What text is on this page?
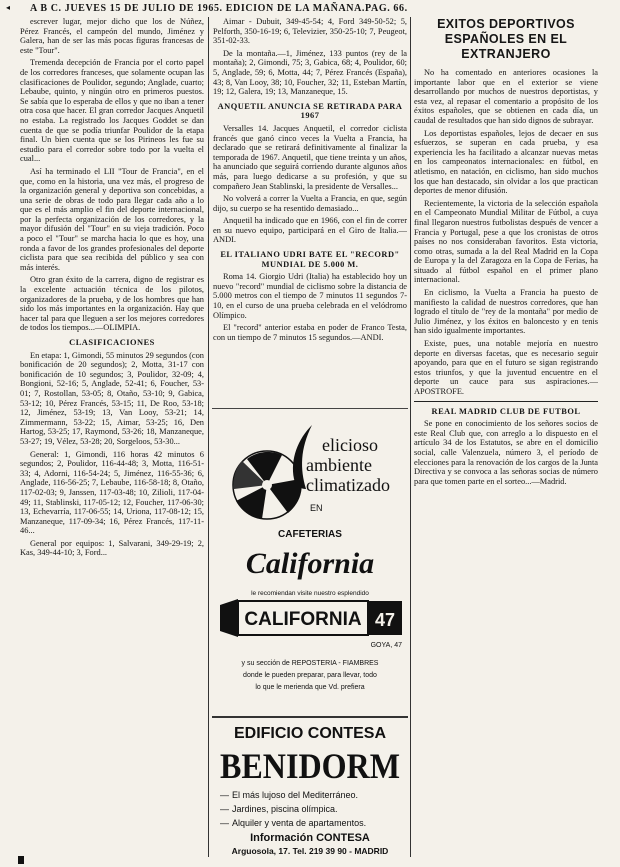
◂ A B C. JUEVES 15 DE JULIO DE 1965. EDICION DE LA MAÑANA.PAG. 66.

escrever lugar, mejor dicho que los de Núñez, Pérez Francés, el campeón del mundo, Jiménez y Galera, han de ser las más pocas figuras francesas de este "Tour".

Tremenda decepción de Francia por el corto papel de los corredores franceses, que solamente ocupan las clasificaciones de Poulidor, segundo; Anglade, cuarto; Lebaube, quinto, y ningún otro en primeros puestos. Se sabía que lo esperaba de ellos y que no iban a tener otra cosa que hacer. El gran corredor Jacques Anquetil no estaba. La registrado los Jacques Goddet se dan cuenta de que se podía triunfar Poulidor de la etapa final. Un bien cuenta que se los Pirineos les fue su estudio para el corredor sobre todo por la vuelta el cual...

Así ha terminado el LII "Tour de Francia", en el que, como en la historia, una vez más, el progreso de la organización general y deportiva son concebidas, a una serie de obras de todo para llegar cada año a lo que es el más amplio el fin del deporte internacional, por la perfecta organización de los corredores, y la mayor difusión del "Tour" en su vieja tradición. Poco a poco el "Tour" se marcha hacia lo que es hoy, una ronda a favor de los grandes profesionales del deporte ciclista para que sea recibida del público y sea con más interés.

Otro gran éxito de la carrera, digno de registrar es la excelente actuación técnica de los pilotos, organizadores de la prueba, y de los hombres que han sido los más importantes en la organización. Hay que hacer tal para que lleguen a ser los mejores corredores de todos los tiempos...—OLIMPIA.

CLASIFICACIONES

En etapa: 1, Gimondi, 55 minutos 29 segundos (con bonificación de 20 segundos); 2, Motta, 31-17 con bonificación de 10 segundos; 3, Poulidor, 32-09; 4, Bongioni, 52-16; 5, Anglade, 52-41; 6, Foucher, 53-01; 7, Rostollan, 53-05; 8, Otaño, 53-10; 9, Gabica, 53-12; 10, Pérez Francés, 53-15; 11, De Roo, 53-18; 12, Jiménez, 53-19; 13, Van Looy, 53-21; 14, Zimmermann, 53-22; 15, Aimar, 53-25; 16, Den Hartog, 53-25; 17, Raymond, 53-26; 18, Manzaneque, 53-27; 19, Vélez, 53-28; 20, Sorgeloos, 53-30...

General: 1, Gimondi, 116 horas 42 minutos 6 segundos; 2, Poulidor, 116-44-48; 3, Motta, 116-51-33; 4, Adorni, 116-54-24; 5, Jiménez, 116-55-36; 6, Anglade, 116-56-25; 7, Lebaube, 116-58-18; 8, Otaño, 117-02-03; 9, Janssen, 117-03-48; 10, Zilioli, 117-04-49; 11, Stablinski, 117-05-12; 12, Foucher, 117-06-30; 13, Echevarría, 117-06-55; 14, Uriona, 117-08-12; 15, Manzaneque, 117-09-34; 16, Pérez Francés, 117-11-46...

General por equipos: 1, Salvarani, 349-29-19; 2, Kas, 349-44-10; 3, Ford...

Aimar - Dubuit, 349-45-54; 4, Ford 349-50-52; 5, Pelforth, 350-16-19; 6, Televizier, 350-25-10; 7, Peugeot, 351-02-33.

De la montaña.—1, Jiménez, 133 puntos (rey de la montaña); 2, Gimondi, 75; 3, Gabica, 68; 4, Poulidor, 60; 5, Anglade, 59; 6, Motta, 44; 7, Pérez Francés (España), 43; 8, Van Looy, 38; 10, Foucher, 32; 11, Esteban Martín, 19; 12, Galera, 19; 13, Manzaneque, 15.

ANQUETIL ANUNCIA SE RETIRADA PARA 1967

Versalles 14. Jacques Anquetil, el corredor ciclista francés que ganó cinco veces la Vuelta a Francia, ha declarado que se retirará definitivamente al finalizar la temporada de 1967. Anquetil, que tiene treinta y un años, ha anunciado que seguirá corriendo durante algunos años más, para luego dedicarse a su profesión, y que su compañero Jean Stablinski, la presidente de Versalles...

No volverá a correr la Vuelta a Francia, en que, según dijo, su cuerpo se ha resentido demasiado...

Anquetil ha indicado que en 1966, con el fin de correr en su nuevo equipo, participará en el Giro de Italia.—ANDI.

EL ITALIANO UDRI BATE EL "RECORD" MUNDIAL DE 5.000 M.

Roma 14. Giorgio Udri (Italia) ha establecido hoy un nuevo "record" mundial de ciclismo sobre la distancia de 5.000 metros con el tiempo de 7 minutos 11 segundos 7-10, en el curso de una prueba celebrada en el velódromo Olímpico.

El "record" anterior estaba en poder de Franco Testa, con un tiempo de 7 minutos 15 segundos.—ANDI.

elicioso
ambiente
climatizado
EN
CAFETERIAS
California
le recomiendan visite nuestro esplendido
CALIFORNIA 47
GOYA, 47
y su sección de REPOSTERIA - FIAMBRES
donde le pueden preparar, para llevar, todo
lo que le merienda que Vd. prefiera
EDIFICIO CONTESA
BENIDORM
— El más lujoso del Mediterráneo.
— Jardines, piscina olímpica.
— Alquiler y venta de apartamentos.
Información CONTESA
Arguosola, 17. Tel. 219 39 90 - MADRID
EXITOS DEPORTIVOS ESPAÑOLES EN EL EXTRANJERO

No ha comentado en anteriores ocasiones la importante labor que en el exterior se viene desarrollando por muchos de nuestros deportistas, y esta vez, al repasar el comentario a propósito de los éxitos españoles, que se obtienen en cada día, un caudal de resultados que han sido dignos de subrayar.

Los deportistas españoles, lejos de decaer en sus esfuerzos, se superan en cada prueba, y esa experiencia les ha facilitado a alcanzar nuevas metas en los campeonatos internacionales: en fútbol, en atletismo, en natación, en ciclismo, han sido muchos los que han destacado, sin olvidar a los que practican deportes de menor difusión.

Recientemente, la victoria de la selección española en el Campeonato Mundial Militar de Fútbol, a cuya final llegaron nuestros futbolistas después de vencer a Francia y Portugal, pese a que los cronistas de otros países no nos consideraban favoritos. Esta victoria, como otras, sumada a la del Real Madrid en la Copa de Europa y la del Zaragoza en la Copa de Ferias, ha situado al fútbol español en el primer plano internacional.

En ciclismo, la Vuelta a Francia ha puesto de manifiesto la calidad de nuestros corredores, que han logrado el título de "rey de la montaña" por medio de Julio Jiménez, y los éxitos en baloncesto y en tenis han sido igualmente importantes.

Existe, pues, una notable mejoría en nuestro deporte en diversas facetas, que es necesario seguir apoyando, para que en el futuro se sigan registrando estos triunfos, y que la juventud encuentre en el deporte un cauce para sus aspiraciones.—APOSTROFE.

REAL MADRID CLUB DE FUTBOL

Se pone en conocimiento de los señores socios de este Real Club que, con arreglo a lo dispuesto en el artículo 34 de los Estatutos, se abre en el domicilio social, calle Valenzuela, número 3, el período de elecciones para la renovación de los cargos de la Junta Directiva y se convoca a las señoras socias de número para que tomen parte en el sorteo...—Madrid.
